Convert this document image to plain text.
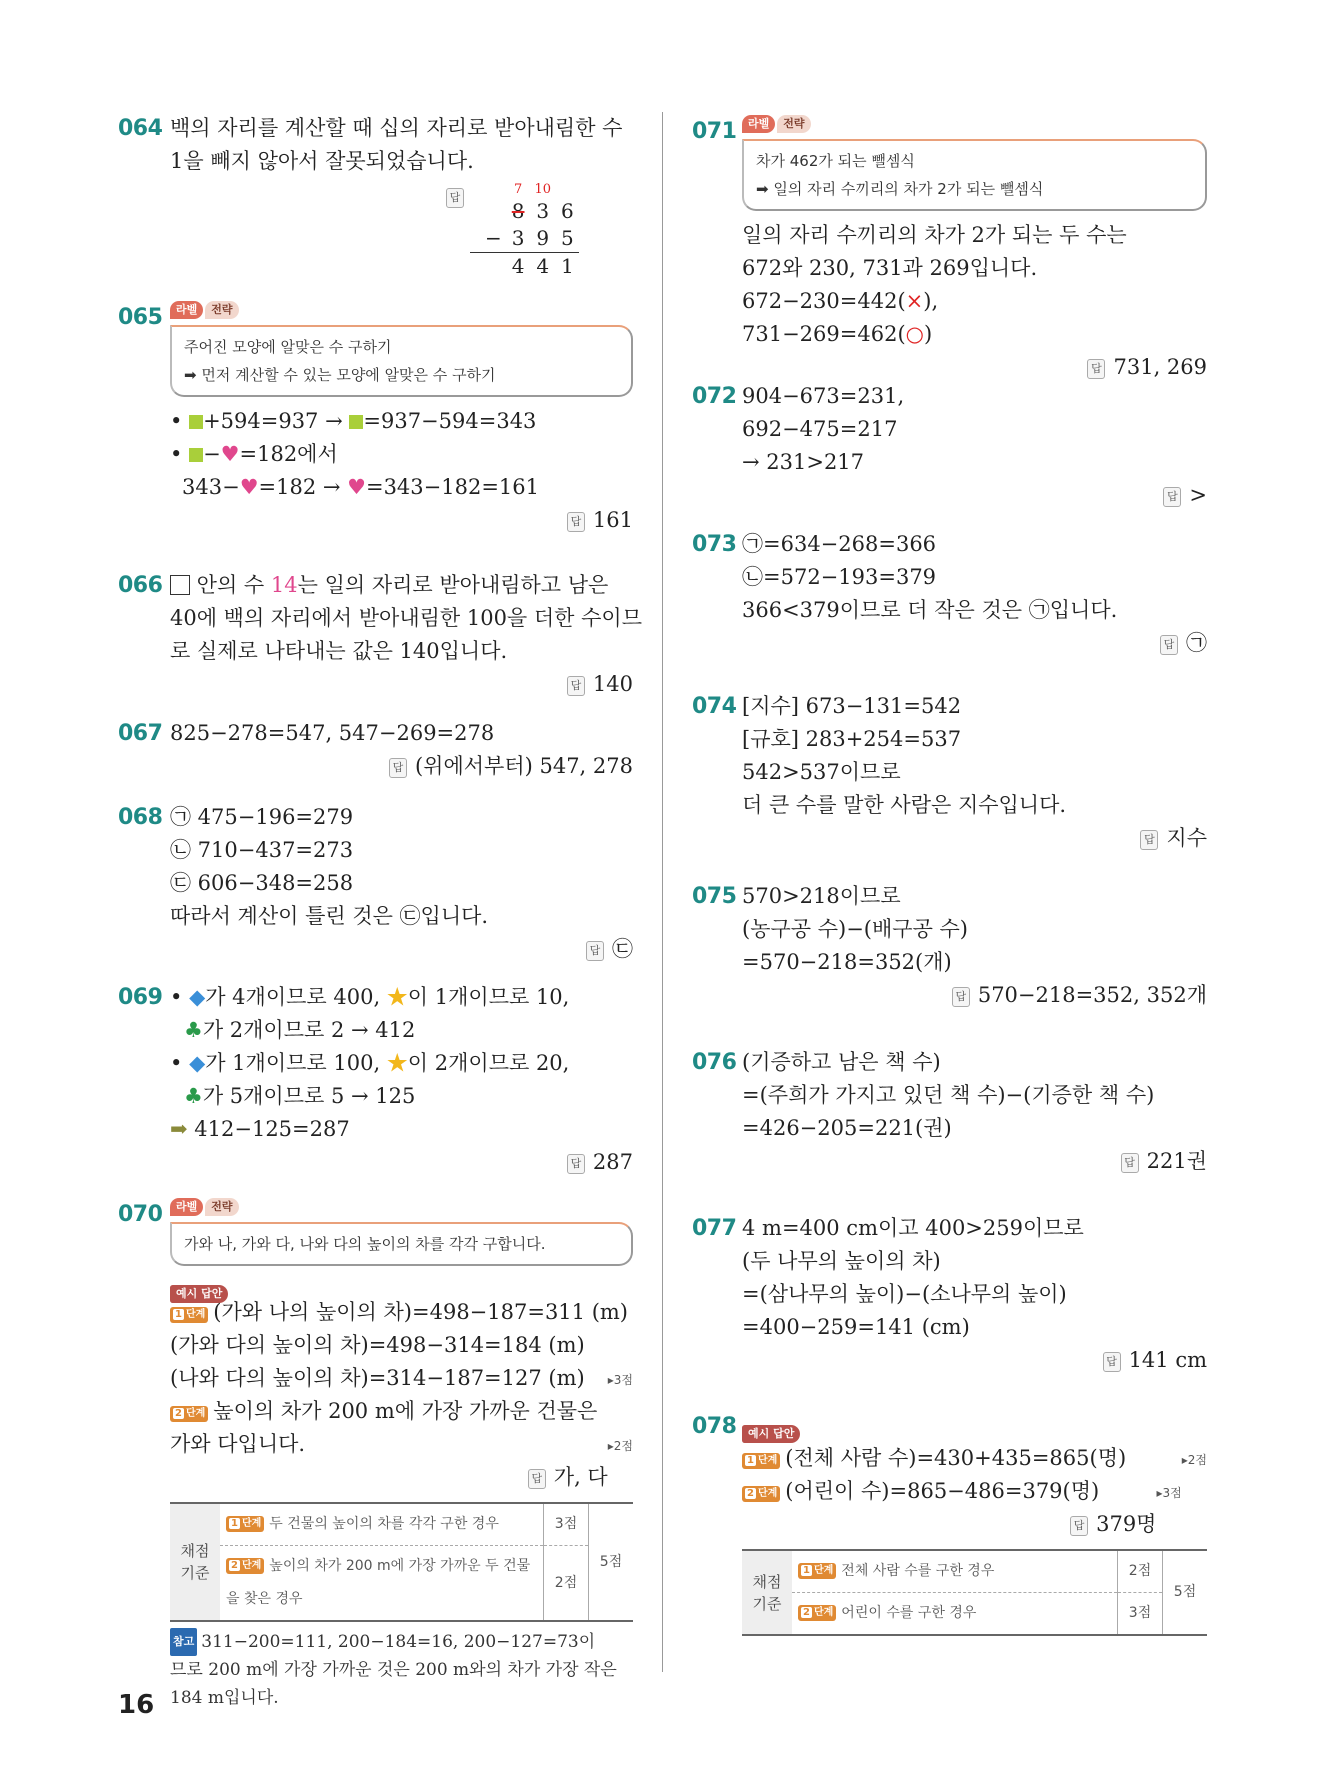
064 백의 자리를 계산할 때 십의 자리로 받아내림한 수
1을 빼지 않아서 잘못되었습니다.
답
		7	10	
		8	3	6
	−	3	9	5
		4	4	1
065	라벨	전략
주어진 모양에 알맞은 수 구하기
➡ 먼저 계산할 수 있는 모양에 알맞은 수 구하기
• +594=937 → =937−594=343
• −♥=182에서
343−♥=182 → ♥=343−182=161
답 161
066	안의 수 14는 일의 자리로 받아내림하고 남은
40에 백의 자리에서 받아내림한 100을 더한 수이므
로 실제로 나타내는 값은 140입니다.
답 140
067 825−278=547, 547−269=278
답 (위에서부터) 547, 278
068 ㉠ 475−196=279
㉡ 710−437=273
㉢ 606−348=258
따라서 계산이 틀린 것은 ㉢입니다.
답 ㉢
069 • ◆가 4개이므로 400, ★이 1개이므로 10,
♣가 2개이므로 2 → 412
• ◆가 1개이므로 100, ★이 2개이므로 20,
♣가 5개이므로 5 → 125
➡ 412−125=287
답 287
070	라벨	전략
가와 나, 가와 다, 나와 다의 높이의 차를 각각 구합니다.
예시 답안
1 단계 (가와 나의 높이의 차)=498−187=311 (m)
(가와 다의 높이의 차)=498−314=184 (m)
(나와 다의 높이의 차)=314−187=127 (m) ▸3점
2 단계 높이의 차가 200 m에 가장 가까운 건물은
가와 다입니다.	▸2점
답 가, 다
채점
기준	1 단계 두 건물의 높이의 차를 각각 구한 경우	3점	5점
	2 단계 높이의 차가 200 m에 가장 가까운 두 건물을 찾은 경우	2점	
참고 311−200=111, 200−184=16, 200−127=73이
므로 200 m에 가장 가까운 것은 200 m와의 차가 가장 작은
184 m입니다.
071	라벨	전략
차가 462가 되는 뺄셈식
➡ 일의 자리 수끼리의 차가 2가 되는 뺄셈식
일의 자리 수끼리의 차가 2가 되는 두 수는
672와 230, 731과 269입니다.
672−230=442(×),
731−269=462(○)
답 731, 269
072 904−673=231,
692−475=217
→ 231>217
답 >
073 ㉠=634−268=366
㉡=572−193=379
366<379이므로 더 작은 것은 ㉠입니다.
답 ㉠
074 [지수] 673−131=542
[규호] 283+254=537
542>537이므로
더 큰 수를 말한 사람은 지수입니다.
답 지수
075 570>218이므로
(농구공 수)−(배구공 수)
=570−218=352(개)
답 570−218=352, 352개
076 (기증하고 남은 책 수)
=(주희가 가지고 있던 책 수)−(기증한 책 수)
=426−205=221(권)
답 221권
077 4 m=400 cm이고 400>259이므로
(두 나무의 높이의 차)
=(삼나무의 높이)−(소나무의 높이)
=400−259=141 (cm)
답 141 cm
078	예시 답안
1 단계 (전체 사람 수)=430+435=865(명)	▸2점
2 단계 (어린이 수)=865−486=379(명)	▸3점
답 379명
채점
기준	1 단계 전체 사람 수를 구한 경우	2점	5점
	2 단계 어린이 수를 구한 경우	3점	
16
